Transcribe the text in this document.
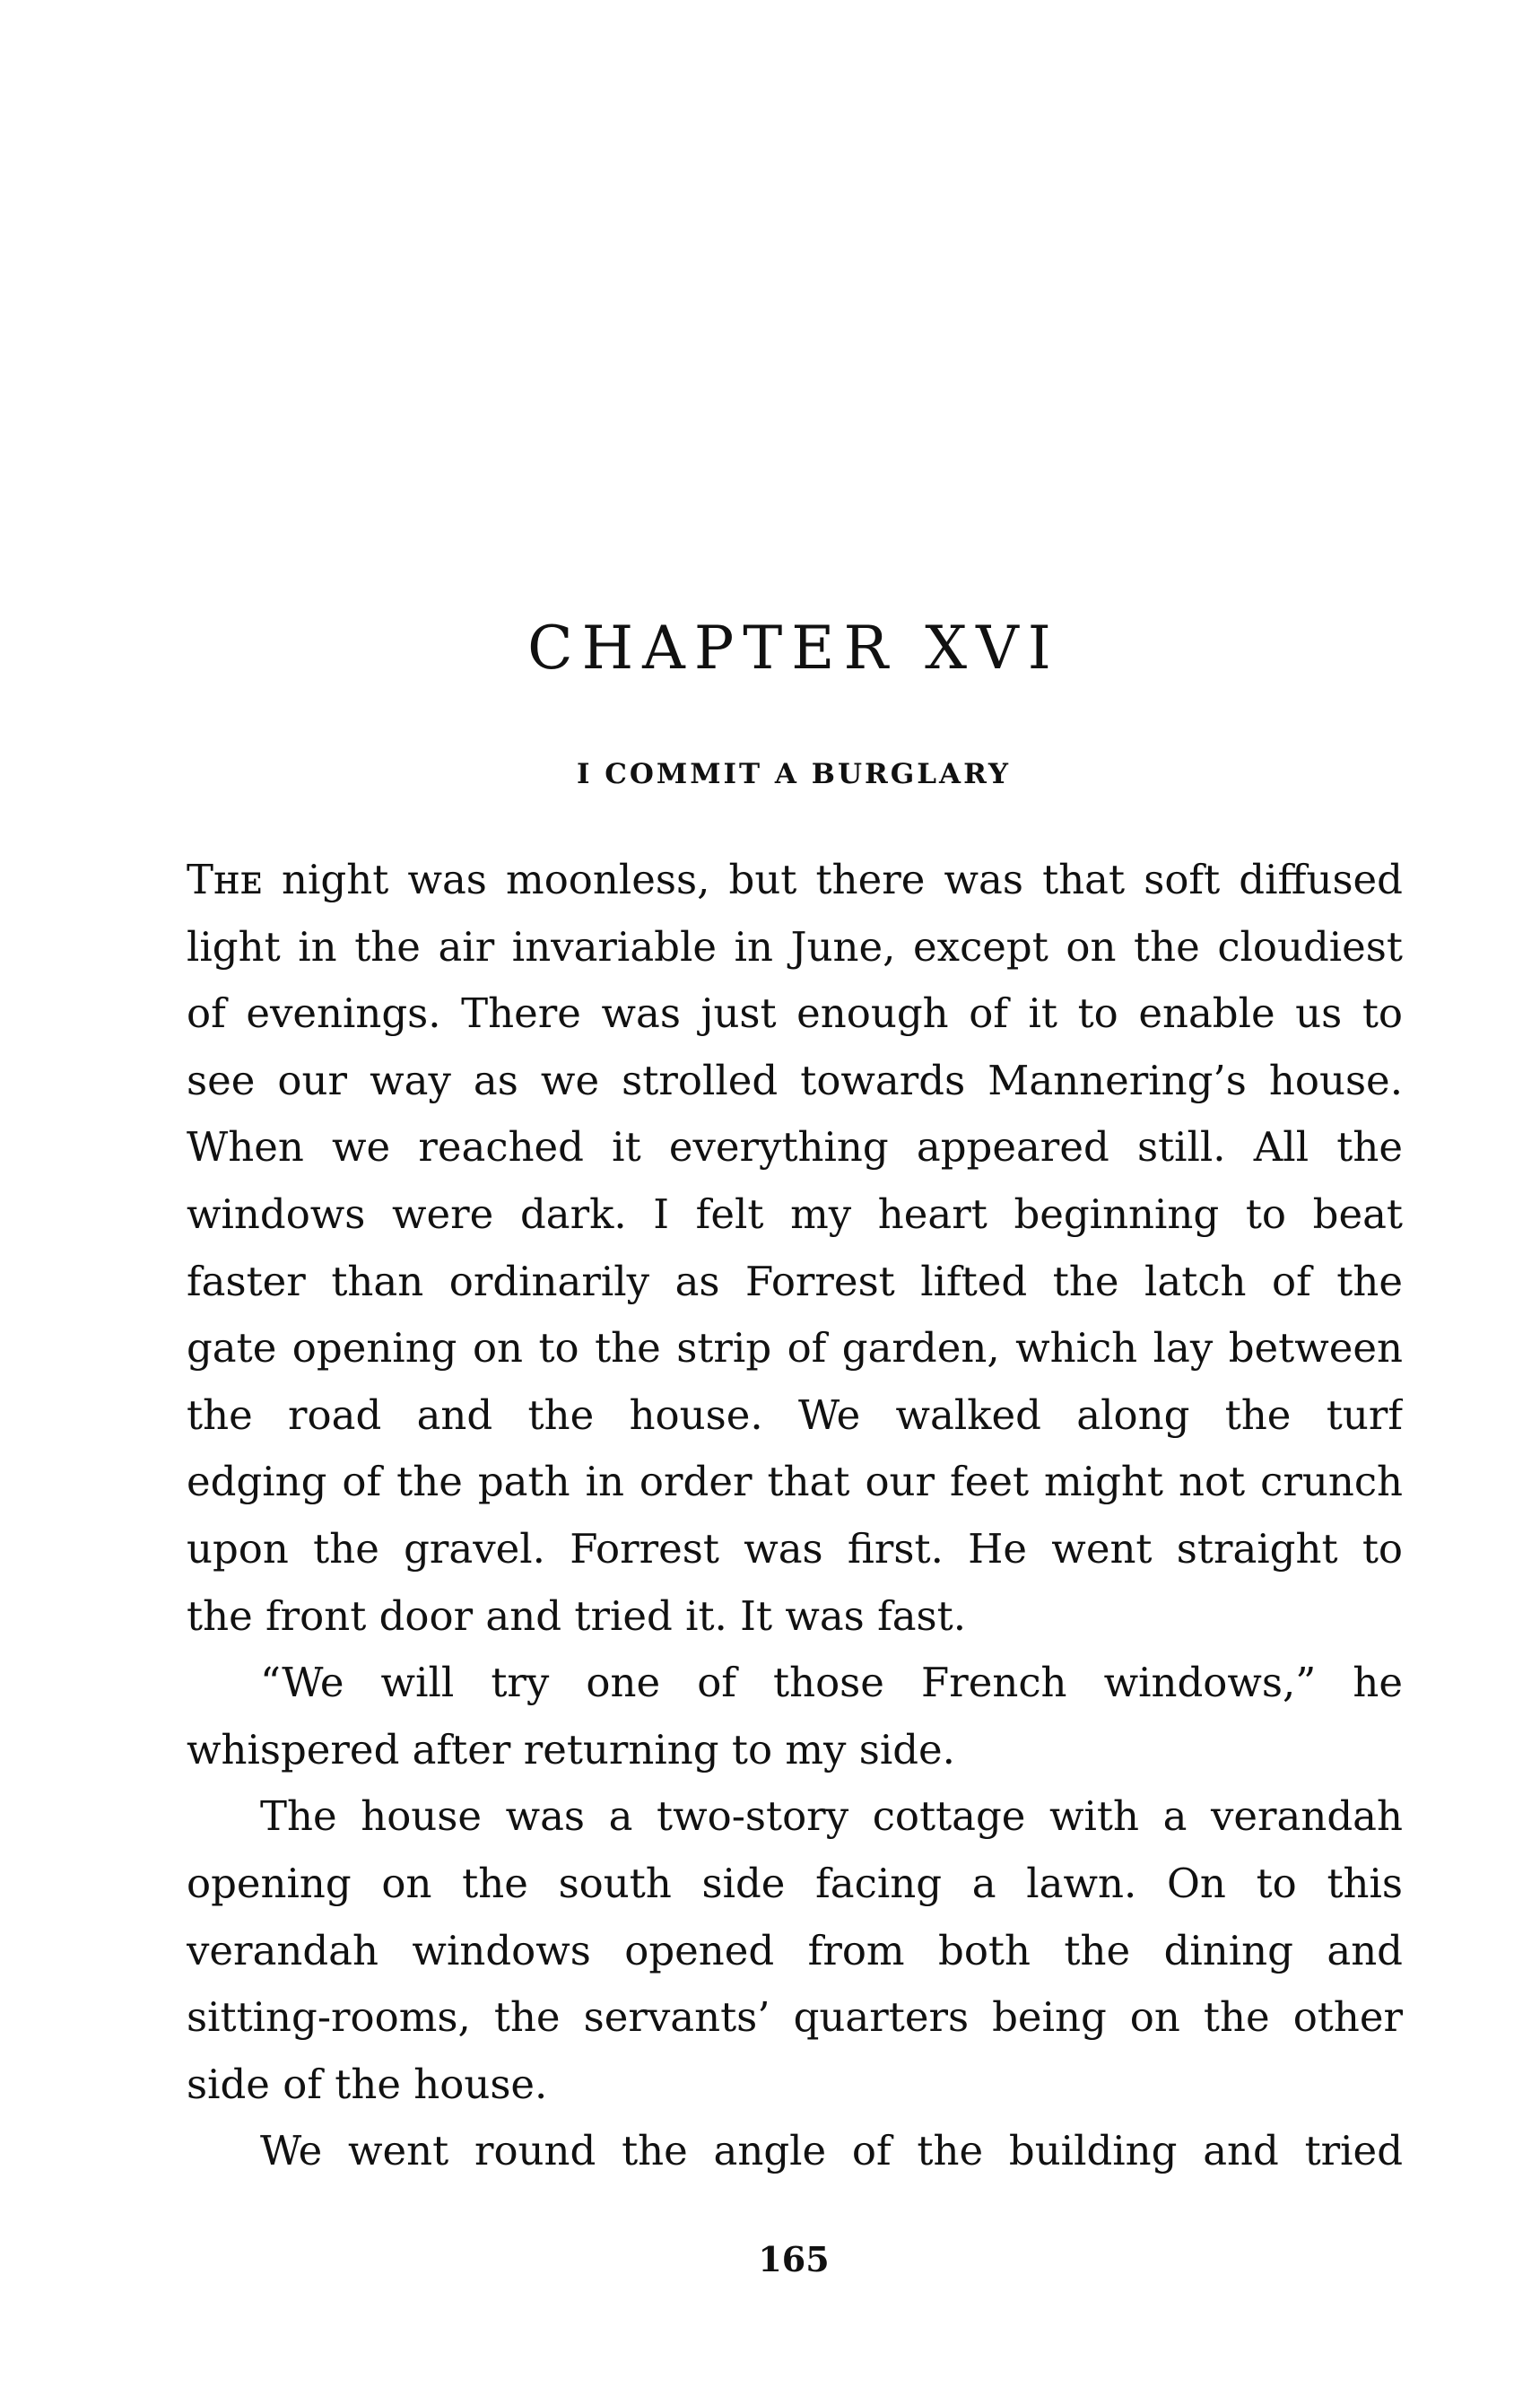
CHAPTER XVI
I COMMIT A BURGLARY
Tʜᴇ night was moonless, but there was that soft diffused
light in the air invariable in June, except on the cloudiest
of evenings. There was just enough of it to enable us to
see our way as we strolled towards Mannering’s house.
When we reached it everything appeared still. All the
windows were dark. I felt my heart beginning to beat
faster than ordinarily as Forrest lifted the latch of the
gate opening on to the strip of garden, which lay between
the road and the house. We walked along the turf
edging of the path in order that our feet might not crunch
upon the gravel. Forrest was first. He went straight to
the front door and tried it. It was fast.
“We will try one of those French windows,” he
whispered after returning to my side.
The house was a two-story cottage with a verandah
opening on the south side facing a lawn. On to this
verandah windows opened from both the dining and
sitting-rooms, the servants’ quarters being on the other
side of the house.
We went round the angle of the building and tried
165
